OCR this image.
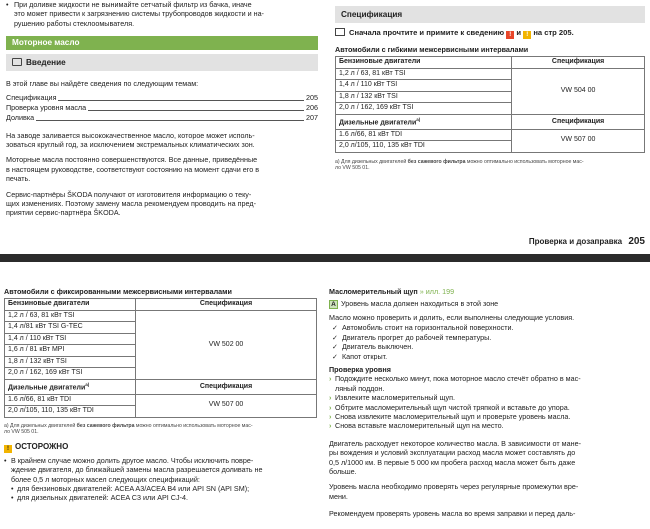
• При доливке жидкости не вынимайте сетчатый фильтр из бачка, иначе
это может привести к загрязнению системы трубопроводов жидкости и на-
рушению работы стеклоомывателя.
Моторное масло
Введение
В этой главе вы найдёте сведения по следующим темам:
Спецификация	205
Проверка уровня масла	206
Доливка	207
На заводе заливается высококачественное масло, которое может исполь-
зоваться круглый год, за исключением экстремальных климатических зон.
Моторные масла постоянно совершенствуются. Все данные, приведённые
в настоящем руководстве, соответствуют состоянию на момент сдачи его в
печать.
Сервис-партнёры ŠKODA получают от изготовителя информацию о теку-
щих изменениях. Поэтому замену масла рекомендуем проводить на пред-
приятии сервис-партнёра ŠKODA.
Спецификация
Сначала прочтите и примите к сведению ! и ! на стр 205.
Автомобили с гибкими межсервисными интервалами
Бензиновые двигатели	Спецификация
1,2 л / 63, 81 кВт TSI	VW 504 00
1,4 л / 110 кВт TSI	
1,8 л / 132 кВт TSI	
2,0 л / 162, 169 кВт TSI	
Дизельные двигатели$^{a)}$	Спецификация
1.6 л/66, 81 кВт TDI	VW 507 00
2,0 л/105, 110, 135 кВт TDI	
a) Для дизельных двигателей без сажевого фильтра можно оптимально использовать моторное мас-
ло VW 505 01.
Проверка и дозаправка 205
Автомобили с фиксированными межсервисными интервалами
Бензиновые двигатели	Спецификация
1,2 л / 63, 81 кВт TSI	VW 502 00
1,4 л/81 кВт TSI G-TEC	
1,4 л / 110 кВт TSI	
1,6 л / 81 кВт MPI	
1,8 л / 132 кВт TSI	
2,0 л / 162, 169 кВт TSI	
Дизельные двигатели$^{a)}$	Спецификация
1.6 л/66, 81 кВт TDI	VW 507 00
2,0 л/105, 110, 135 кВт TDI	
a) Для дизельных двигателей без сажевого фильтра можно оптимально использовать моторное мас-
ло VW 505 01.
! ОСТОРОЖНО
• В крайнем случае можно долить другое масло. Чтобы исключить повре-
ждение двигателя, до ближайшей замены масла разрешается доливать не
более 0,5 л моторных масел следующих спецификаций:
• для бензиновых двигателей: ACEA A3/ACEA B4 или API SN (API SM);
• для дизельных двигателей: ACEA C3 или API CJ-4.
Масломерительный щуп » илл. 199
A Уровень масла должен находиться в этой зоне
Масло можно проверить и долить, если выполнены следующие условия.
✓ Автомобиль стоит на горизонтальной поверхности.
✓ Двигатель прогрет до рабочей температуры.
✓ Двигатель выключен.
✓ Капот открыт.
Проверка уровня
› Подождите несколько минут, пока моторное масло стечёт обратно в мас-
ляный поддон.
› Извлеките масломерительный щуп.
› Обтрите масломерительный щуп чистой тряпкой и вставьте до упора.
› Снова извлеките масломерительный щуп и проверьте уровень масла.
› Снова вставьте масломерительный щуп на место.
Двигатель расходует некоторое количество масла. В зависимости от мане-
ры вождения и условий эксплуатации расход масла может составлять до
0,5 л/1000 км. В первые 5 000 км пробега расход масла может быть даже
больше.
Уровень масла необходимо проверять через регулярные промежутки вре-
мени.
Рекомендуем проверять уровень масла во время заправки и перед даль-
